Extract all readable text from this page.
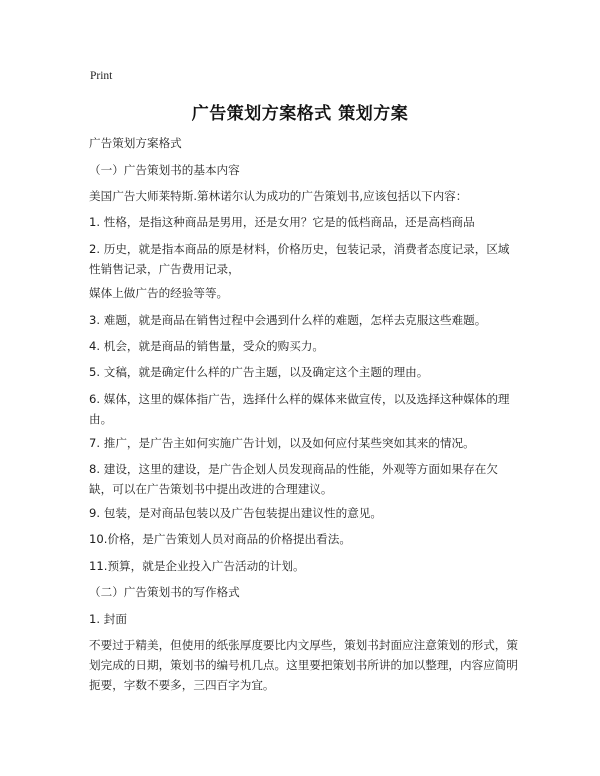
Print
广告策划方案格式 策划方案
广告策划方案格式
（一）广告策划书的基本内容
美国广告大师莱特斯.第林诺尔认为成功的广告策划书,应该包括以下内容：
1. 性格，是指这种商品是男用，还是女用？它是的低档商品，还是高档商品
2. 历史，就是指本商品的原是材料，价格历史，包装记录，消费者态度记录，区域性销售记录，广告费用记录，
媒体上做广告的经验等等。
3. 难题，就是商品在销售过程中会遇到什么样的难题，怎样去克服这些难题。
4. 机会，就是商品的销售量，受众的购买力。
5. 文稿，就是确定什么样的广告主题，以及确定这个主题的理由。
6. 媒体，这里的媒体指广告，选择什么样的媒体来做宣传，以及选择这种媒体的理由。
7. 推广，是广告主如何实施广告计划，以及如何应付某些突如其来的情况。
8. 建设，这里的建设，是广告企划人员发现商品的性能，外观等方面如果存在欠缺，可以在广告策划书中提出改进的合理建议。
9. 包装，是对商品包装以及广告包装提出建议性的意见。
10.价格，是广告策划人员对商品的价格提出看法。
11.预算，就是企业投入广告活动的计划。
（二）广告策划书的写作格式
1. 封面
不要过于精美，但使用的纸张厚度要比内文厚些，策划书封面应注意策划的形式，策划完成的日期，策划书的编号机几点。这里要把策划书所讲的加以整理，内容应简明扼要，字数不要多，三四百字为宜。
